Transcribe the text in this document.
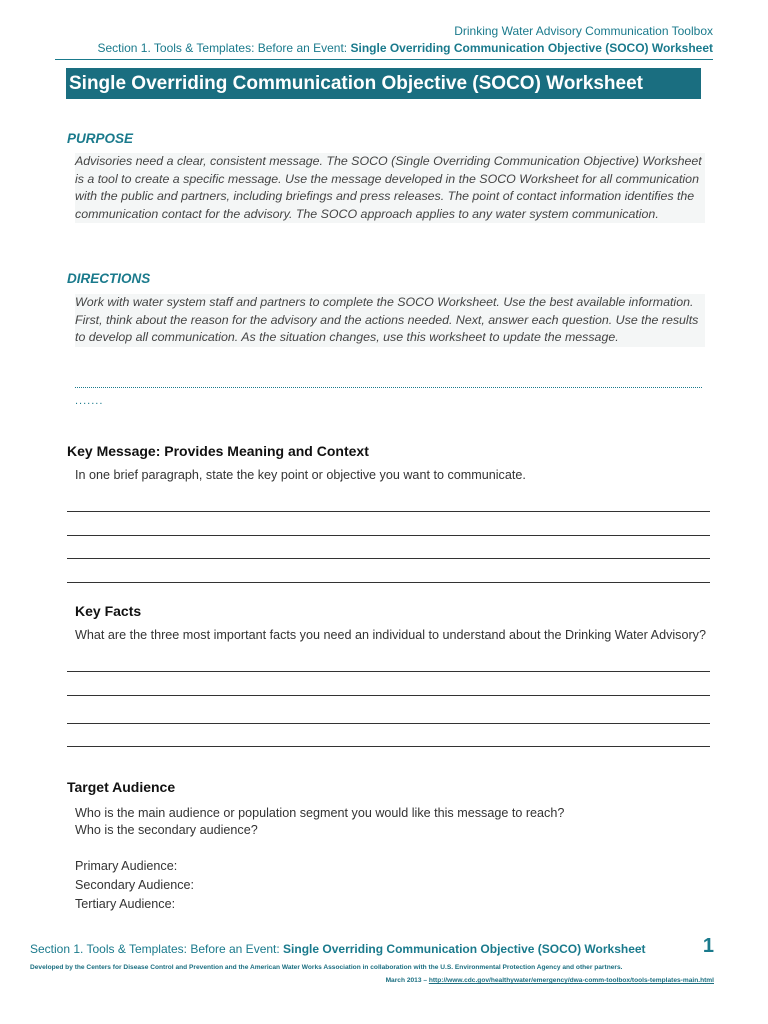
Drinking Water Advisory Communication Toolbox
Section 1. Tools & Templates: Before an Event: Single Overriding Communication Objective (SOCO) Worksheet
Single Overriding Communication Objective (SOCO) Worksheet
PURPOSE
Advisories need a clear, consistent message. The SOCO (Single Overriding Communication Objective) Worksheet is a tool to create a specific message. Use the message developed in the SOCO Worksheet for all communication with the public and partners, including briefings and press releases. The point of contact information identifies the communication contact for the advisory. The SOCO approach applies to any water system communication.
DIRECTIONS
Work with water system staff and partners to complete the SOCO Worksheet. Use the best available information. First, think about the reason for the advisory and the actions needed. Next, answer each question. Use the results to develop all communication. As the situation changes, use this worksheet to update the message.
.......
Key Message: Provides Meaning and Context
In one brief paragraph, state the key point or objective you want to communicate.
Key Facts
What are the three most important facts you need an individual to understand about the Drinking Water Advisory?
Target Audience
Who is the main audience or population segment you would like this message to reach? Who is the secondary audience?
Primary Audience:
Secondary Audience:
Tertiary Audience:
Section 1. Tools & Templates: Before an Event: Single Overriding Communication Objective (SOCO) Worksheet	1
Developed by the Centers for Disease Control and Prevention and the American Water Works Association in collaboration with the U.S. Environmental Protection Agency and other partners.
March 2013 – http://www.cdc.gov/healthywater/emergency/dwa-comm-toolbox/tools-templates-main.html
